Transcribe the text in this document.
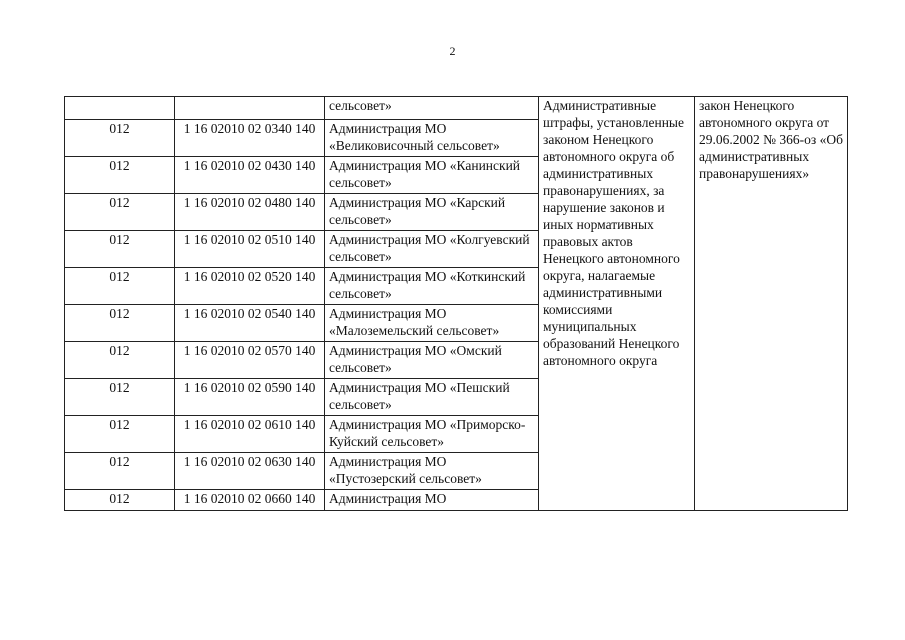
2
		сельсовет»	Административные штрафы, установленные законом Ненецкого автономного округа об административных правонарушениях, за нарушение законов и иных нормативных правовых актов Ненецкого автономного округа, налагаемые административными комиссиями муниципальных образований Ненецкого автономного округа	закон Ненецкого автономного округа от 29.06.2002 № 366-оз «Об административных правонарушениях»
012	1 16 02010 02 0340 140	Администрация МО «Великовисочный сельсовет»		
012	1 16 02010 02 0430 140	Администрация МО «Канинский сельсовет»		
012	1 16 02010 02 0480 140	Администрация МО «Карский сельсовет»		
012	1 16 02010 02 0510 140	Администрация МО «Колгуевский сельсовет»		
012	1 16 02010 02 0520 140	Администрация МО «Коткинский сельсовет»		
012	1 16 02010 02 0540 140	Администрация МО «Малоземельский сельсовет»		
012	1 16 02010 02 0570 140	Администрация МО «Омский сельсовет»		
012	1 16 02010 02 0590 140	Администрация МО «Пешский сельсовет»		
012	1 16 02010 02 0610 140	Администрация МО «Приморско-Куйский сельсовет»		
012	1 16 02010 02 0630 140	Администрация МО «Пустозерский сельсовет»		
012	1 16 02010 02 0660 140	Администрация МО		
